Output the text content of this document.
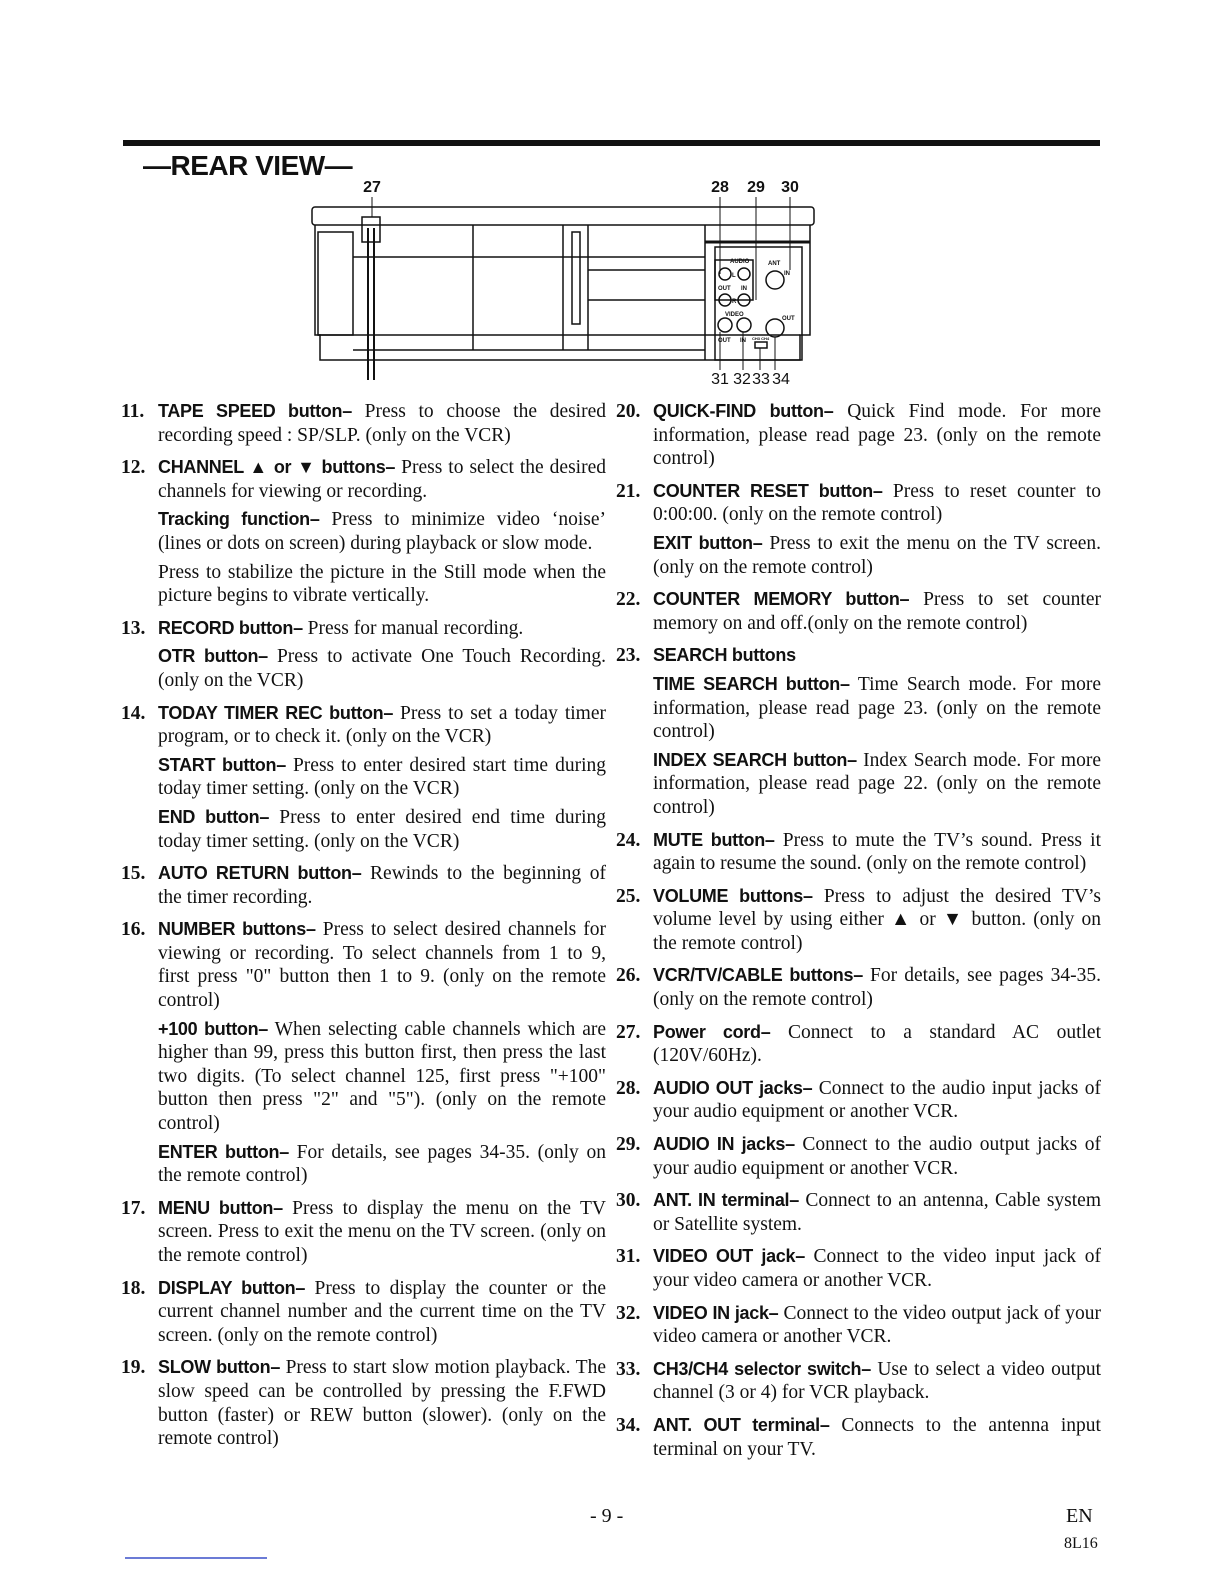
—REAR VIEW—
27	28 29 30
31 32 33 34
AUDIO
L
R
OUT IN
VIDEO
OUT IN
ANT
IN
OUT
CH3 CH4
11. TAPE SPEED button– Press to choose the desired recording speed : SP/SLP. (only on the VCR)

12. CHANNEL ▲ or ▼ buttons– Press to select the desired channels for viewing or recording.

Tracking function– Press to minimize video ‘noise’ (lines or dots on screen) during playback or slow mode.

Press to stabilize the picture in the Still mode when the picture begins to vibrate vertically.

13. RECORD button– Press for manual recording.

OTR button– Press to activate One Touch Recording. (only on the VCR)

14. TODAY TIMER REC button– Press to set a today timer program, or to check it. (only on the VCR)

START button– Press to enter desired start time during today timer setting. (only on the VCR)

END button– Press to enter desired end time during today timer setting. (only on the VCR)

15. AUTO RETURN button– Rewinds to the beginning of the timer recording.

16. NUMBER buttons– Press to select desired channels for viewing or recording. To select channels from 1 to 9, first press "0" button then 1 to 9. (only on the remote control)

+100 button– When selecting cable channels which are higher than 99, press this button first, then press the last two digits. (To select channel 125, first press "+100" button then press "2" and "5"). (only on the remote control)

ENTER button– For details, see pages 34-35. (only on the remote control)

17. MENU button– Press to display the menu on the TV screen. Press to exit the menu on the TV screen. (only on the remote control)

18. DISPLAY button– Press to display the counter or the current channel number and the current time on the TV screen. (only on the remote control)

19. SLOW button– Press to start slow motion playback. The slow speed can be controlled by pressing the F.FWD button (faster) or REW button (slower). (only on the remote control)

20. QUICK-FIND button– Quick Find mode. For more information, please read page 23. (only on the remote control)

21. COUNTER RESET button– Press to reset counter to 0:00:00. (only on the remote control)

EXIT button– Press to exit the menu on the TV screen. (only on the remote control)

22. COUNTER MEMORY button– Press to set counter memory on and off.(only on the remote control)

23. SEARCH buttons

TIME SEARCH button– Time Search mode. For more information, please read page 23. (only on the remote control)

INDEX SEARCH button– Index Search mode. For more information, please read page 22. (only on the remote control)

24. MUTE button– Press to mute the TV’s sound. Press it again to resume the sound. (only on the remote control)

25. VOLUME buttons– Press to adjust the desired TV’s volume level by using either ▲ or ▼ button. (only on the remote control)

26. VCR/TV/CABLE buttons– For details, see pages 34-35. (only on the remote control)

27. Power cord– Connect to a standard AC outlet (120V/60Hz).

28. AUDIO OUT jacks– Connect to the audio input jacks of your audio equipment or another VCR.

29. AUDIO IN jacks– Connect to the audio output jacks of your audio equipment or another VCR.

30. ANT. IN terminal– Connect to an antenna, Cable system or Satellite system.

31. VIDEO OUT jack– Connect to the video input jack of your video camera or another VCR.

32. VIDEO IN jack– Connect to the video output jack of your video camera or another VCR.

33. CH3/CH4 selector switch– Use to select a video output channel (3 or 4) for VCR playback.

34. ANT. OUT terminal– Connects to the antenna input terminal on your TV.

- 9 -	EN
8L16
